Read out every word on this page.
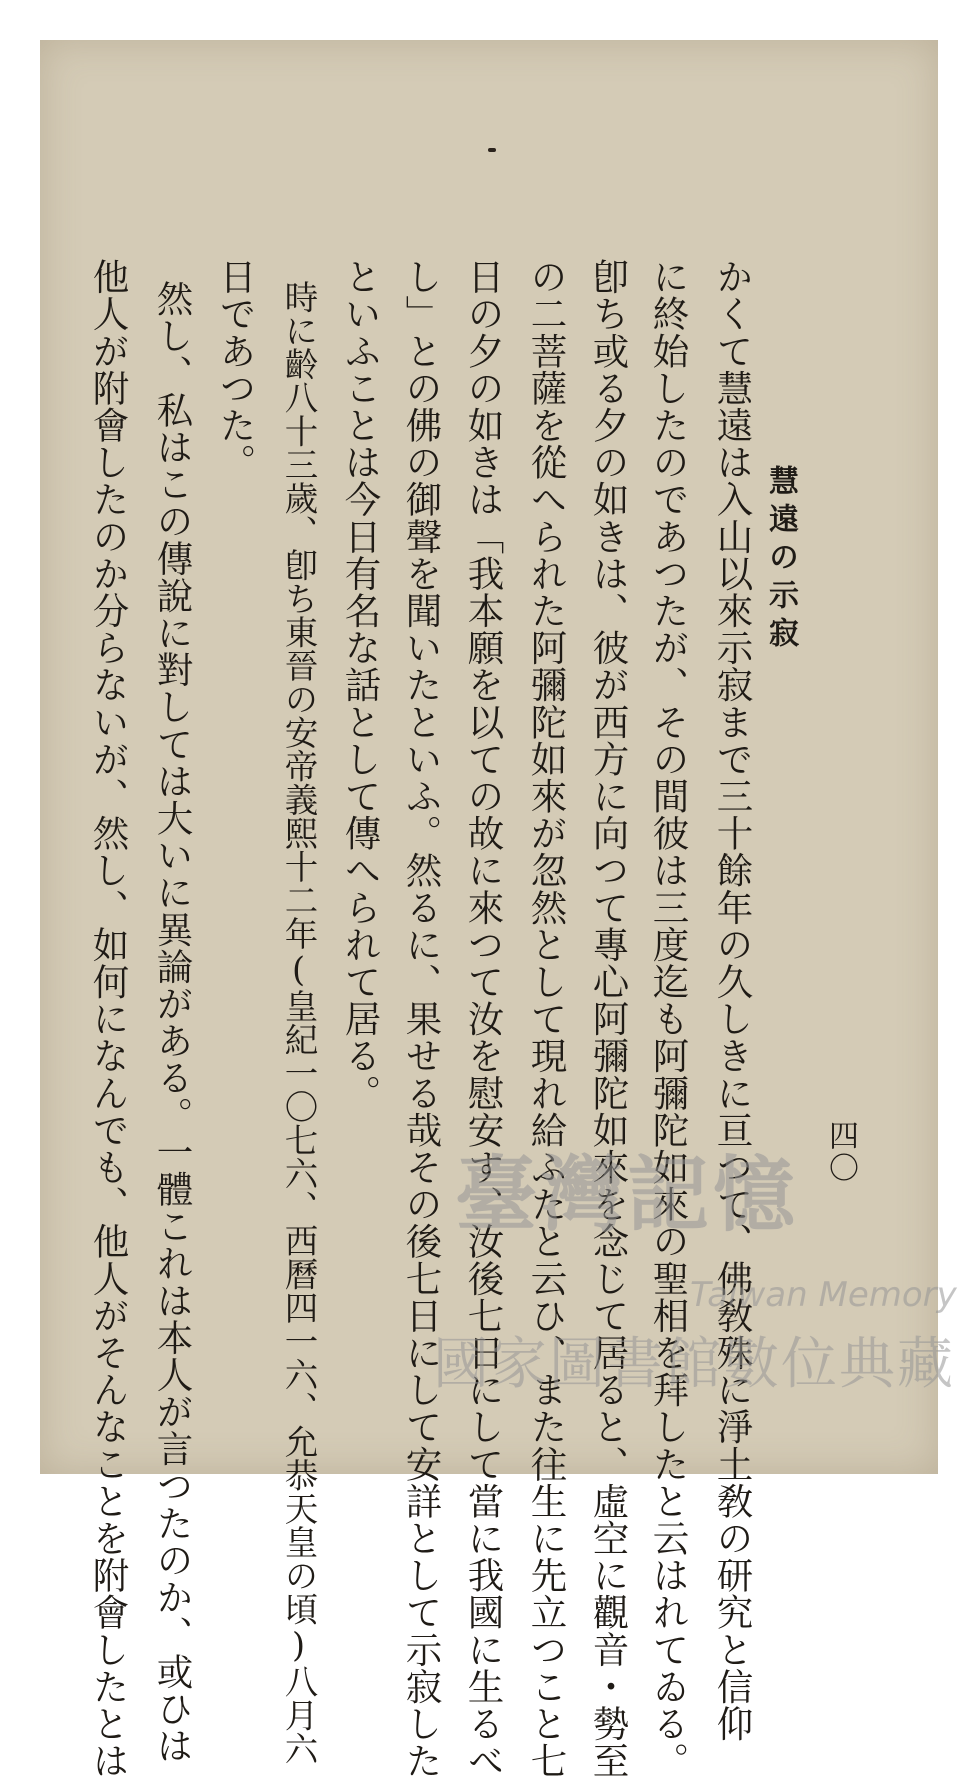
慧遠の示寂
四〇
かくて慧遠は入山以來示寂まで三十餘年の久しきに亘つて、佛敎殊に淨土敎の研究と信仰
に終始したのであつたが、その間彼は三度迄も阿彌陀如來の聖相を拜したと云はれてゐる。
卽ち或る夕の如きは、彼が西方に向つて專心阿彌陀如來を念じて居ると、虛空に觀音・勢至
の二菩薩を從へられた阿彌陀如來が忽然として現れ給ふたと云ひ、また往生に先立つこと七
日の夕の如きは「我本願を以ての故に來つて汝を慰安す、汝後七日にして當に我國に生るべ
し」との佛の御聲を聞いたといふ。然るに、果せる哉その後七日にして安詳として示寂した
といふことは今日有名な話として傳へられて居る。
時に齡八十三歲、卽ち東晉の安帝義熙十二年(皇紀一〇七六、西曆四一六、允恭天皇の頃)八月六
日であつた。
然し、私はこの傳說に對しては大いに異論がある。一體これは本人が言つたのか、或ひは
他人が附會したのか分らないが、然し、如何になんでも、他人がそんなことを附會したとは	臺灣記憶
Taiwan Memory
國家圖書館數位典藏
